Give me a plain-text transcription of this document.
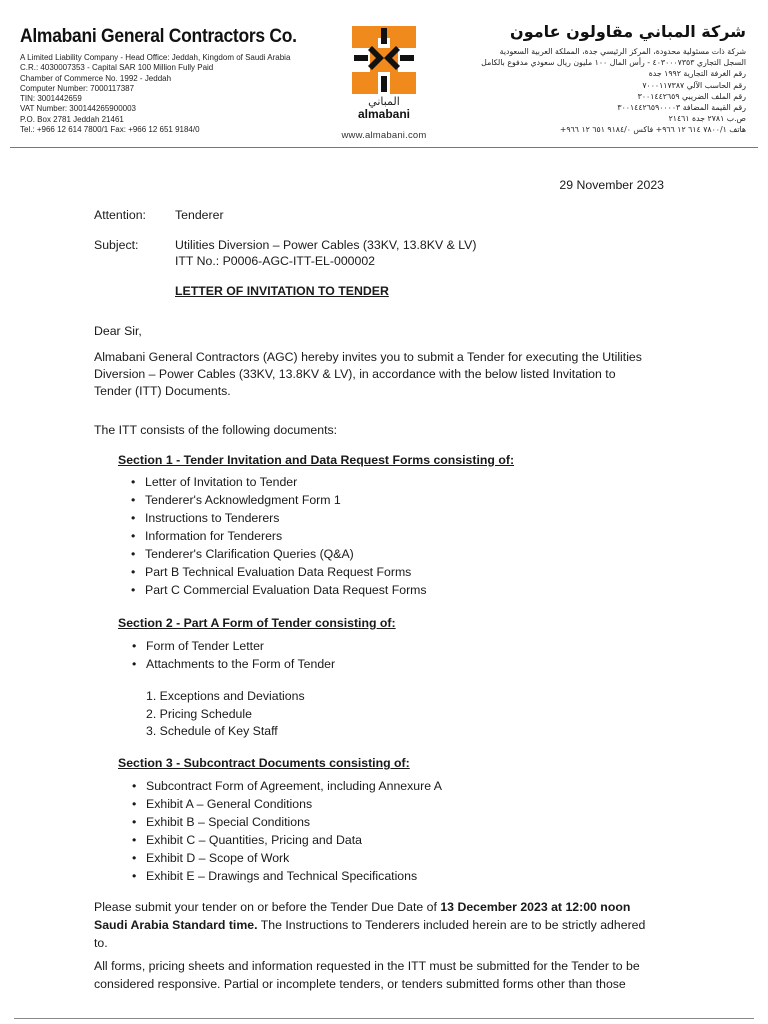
Almabani General Contractors Co.
A Limited Liability Company - Head Office: Jeddah, Kingdom of Saudi Arabia
C.R.: 4030007353 - Capital SAR 100 Million Fully Paid
Chamber of Commerce No. 1992 - Jeddah
Computer Number: 7000117387
TIN: 3001442659
VAT Number: 300144265900003
P.O. Box 2781 Jeddah 21461
Tel.: +966 12 614 7800/1 Fax: +966 12 651 9184/0
المباني
almabani
www.almabani.com
شركة المباني مقاولون عامون
شركة ذات مسئولية محدودة، المركز الرئيسي جدة، المملكة العربية السعودية
السجل التجاري ٤٠٣٠٠٠٧٣٥٣ - رأس المال ١٠٠ مليون ريال سعودي مدفوع بالكامل
رقم الغرفة التجارية ١٩٩٢ جدة
رقم الحاسب الآلي ٧٠٠٠١١٧٣٨٧
رقم الملف الضريبي ٣٠٠١٤٤٢٦٥٩
رقم القيمة المضافة ٣٠٠١٤٤٢٦٥٩٠٠٠٠٣
ص.ب ٢٧٨١ جدة ٢١٤٦١
هاتف ٧٨٠٠/١ ٦١٤ ١٢ ٩٦٦+ فاكس ٩١٨٤/٠ ٦٥١ ١٢ ٩٦٦+
29 November 2023
Attention:	Tenderer
Subject:	Utilities Diversion – Power Cables (33KV, 13.8KV & LV)
ITT No.: P0006-AGC-ITT-EL-000002
LETTER OF INVITATION TO TENDER
Dear Sir,
Almabani General Contractors (AGC) hereby invites you to submit a Tender for executing the Utilities
Diversion – Power Cables (33KV, 13.8KV & LV), in accordance with the below listed Invitation to
Tender (ITT) Documents.
The ITT consists of the following documents:
Section 1 - Tender Invitation and Data Request Forms consisting of:
• Letter of Invitation to Tender
• Tenderer's Acknowledgment Form 1
• Instructions to Tenderers
• Information for Tenderers
• Tenderer's Clarification Queries (Q&A)
• Part B Technical Evaluation Data Request Forms
• Part C Commercial Evaluation Data Request Forms
Section 2 - Part A Form of Tender consisting of:
• Form of Tender Letter
• Attachments to the Form of Tender
1. Exceptions and Deviations
2. Pricing Schedule
3. Schedule of Key Staff
Section 3 - Subcontract Documents consisting of:
• Subcontract Form of Agreement, including Annexure A
• Exhibit A – General Conditions
• Exhibit B – Special Conditions
• Exhibit C – Quantities, Pricing and Data
• Exhibit D – Scope of Work
• Exhibit E – Drawings and Technical Specifications
Please submit your tender on or before the Tender Due Date of 13 December 2023 at 12:00 noon
Saudi Arabia Standard time. The Instructions to Tenderers included herein are to be strictly adhered
to.
All forms, pricing sheets and information requested in the ITT must be submitted for the Tender to be
considered responsive. Partial or incomplete tenders, or tenders submitted forms other than those
